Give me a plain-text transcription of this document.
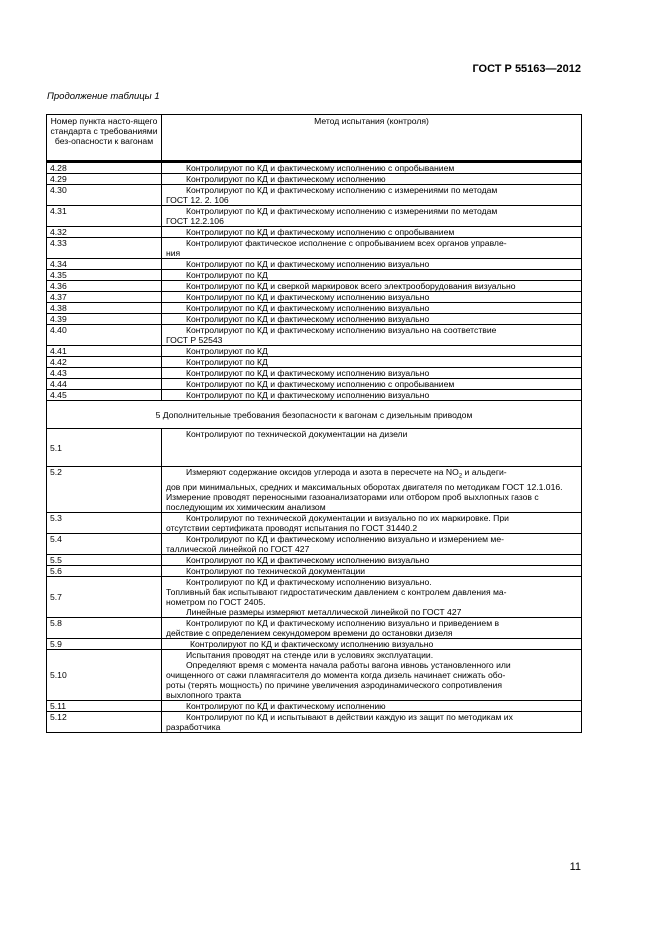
ГОСТ Р 55163—2012
Продолжение таблицы 1
Номер пункта насто-ящего стандарта с требованиями без-опасности к вагонам	Метод испытания (контроля)
4.28	Контролируют по КД и фактическому исполнению с опробыванием

4.29	Контролируют по КД и фактическому исполнению

4.30	Контролируют по КД и фактическому исполнению с измерениями по методам
ГОСТ 12. 2. 106

4.31	Контролируют по КД и фактическому исполнению с измерениями по методам
ГОСТ 12.2.106

4.32	Контролируют по КД и фактическому исполнению с опробыванием

4.33	Контролируют фактическое исполнение с опробыванием всех органов управле-
ния

4.34	Контролируют по КД и фактическому исполнению визуально

4.35	Контролируют по КД

4.36	Контролируют по КД и сверкой маркировок всего электрооборудования визуально

4.37	Контролируют по КД и фактическому исполнению визуально

4.38	Контролируют по КД и фактическому исполнению визуально

4.39	Контролируют по КД и фактическому исполнению визуально

4.40	Контролируют по КД и фактическому исполнению визуально на соответствие
ГОСТ Р 52543

4.41	Контролируют по КД

4.42	Контролируют по КД

4.43	Контролируют по КД и фактическому исполнению визуально

4.44	Контролируют по КД и фактическому исполнению с опробыванием

4.45	Контролируют по КД и фактическому исполнению визуально

5 Дополнительные требования безопасности к вагонам с дизельным приводом	
5.1	Контролируют по технической документации на дизели

5.2	Измеряют содержание оксидов углерода и азота в пересчете на $NO_2$ и альдеги-
дов при минимальных, средних и максимальных оборотах двигателя по методикам ГОСТ 12.1.016. Измерение проводят переносными газоанализаторами или отбором проб выхлопных газов с последующим их химическим анализом
5.3	Контролируют по технической документации и визуально по их маркировке. При
отсутствии сертификата проводят испытания по ГОСТ 31440.2
5.4	Контролируют по КД и фактическому исполнению визуально и измерением ме-
таллической линейкой по ГОСТ 427
5.5	Контролируют по КД и фактическому исполнению визуально

5.6	Контролируют по технической документации

5.7	Контролируют по КД и фактическому исполнению визуально.
Топливный бак испытывают гидростатическим давлением с контролем давления ма-
нометром по ГОСТ 2405.
Линейные размеры измеряют металлической линейкой по ГОСТ 427

5.8	Контролируют по КД и фактическому исполнению визуально и приведением в
действие с определением секундомером времени до остановки дизеля
5.9	Контролируют по КД и фактическому исполнению визуально

5.10	Испытания проводят на стенде или в условиях эксплуатации.
Определяют время с момента начала работы вагона ивновь установленного или
очищенного от сажи пламягасителя до момента когда дизель начинает снижать обо-
роты (терять мощность) по причине увеличения аэродинамического сопротивления
выхлопного тракта

5.11	Контролируют по КД и фактическому исполнению

5.12	Контролируют по КД и испытывают в действии каждую из защит по методикам их
разработчика
11
